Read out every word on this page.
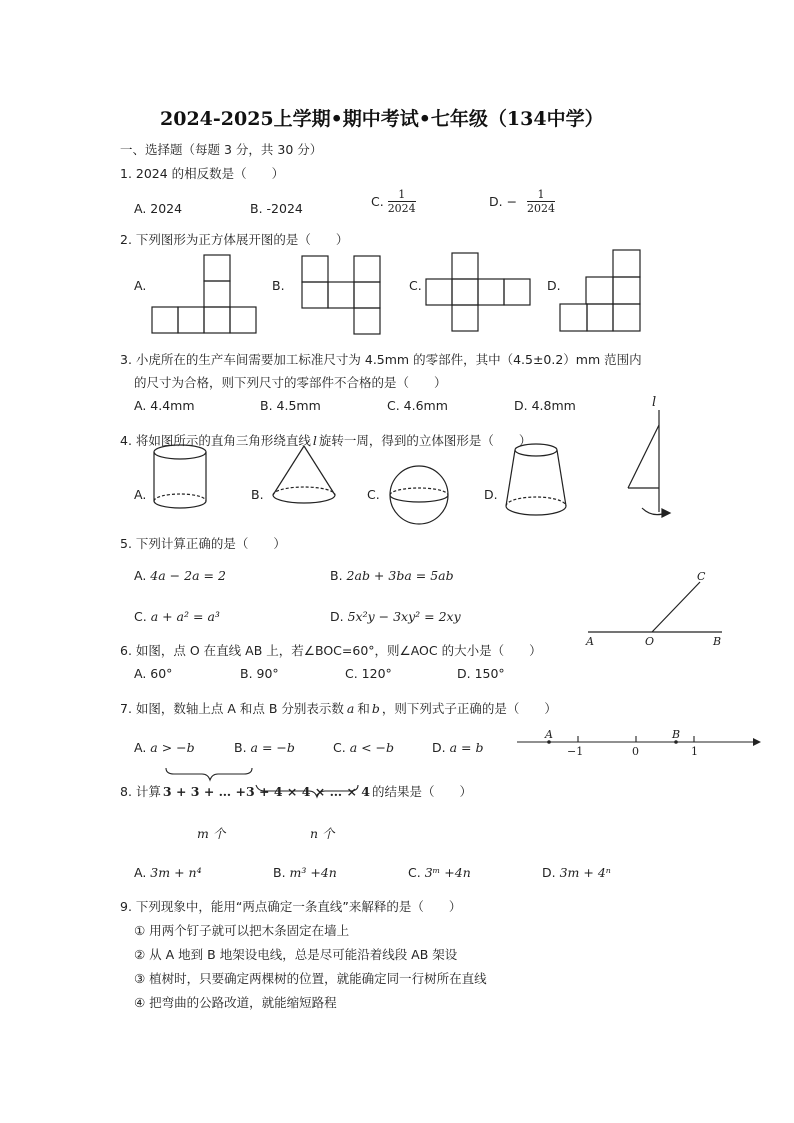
2024-2025上学期•期中考试•七年级（134中学）
一、选择题（每题 3 分，共 30 分）
1. 2024 的相反数是（　　）
A. 2024	B. -2024	C. $\frac{1}{2024}$	D. − $\frac{1}{2024}$
2. 下列图形为正方体展开图的是（　　）
A.	B.	C.	D.
3. 小虎所在的生产车间需要加工标准尺寸为 4.5mm 的零部件，其中（4.5±0.2）mm 范围内
的尺寸为合格，则下列尺寸的零部件不合格的是（　　）
A. 4.4mm	B. 4.5mm	C. 4.6mm	D. 4.8mm
4. 将如图所示的直角三角形绕直线 l 旋转一周，得到的立体图形是（　　）
A.	B.	C.	D.
l
5. 下列计算正确的是（　　）
A. 4a − 2a = 2	B. 2ab + 3ba = 5ab
C. a + a² = a³	D. 5x²y − 3xy² = 2xy
A	O	B
C
6. 如图，点 O 在直线 AB 上，若∠BOC=60°，则∠AOC 的大小是（　　）
A. 60°	B. 90°	C. 120°	D. 150°
7. 如图，数轴上点 A 和点 B 分别表示数 a 和 b ，则下列式子正确的是（　　）
A. a > −b	B. a = −b	C. a < −b	D. a = b
A	B
−1	0	1
8. 计算 3 + 3 + … +3 + 4 × 4 × … × 4 的结果是（　　）
m 个	n 个
A. 3m + n⁴	B. m³ +4n	C. 3ᵐ +4n	D. 3m + 4ⁿ
9. 下列现象中，能用“两点确定一条直线”来解释的是（　　）
① 用两个钉子就可以把木条固定在墙上
② 从 A 地到 B 地架设电线，总是尽可能沿着线段 AB 架设
③ 植树时，只要确定两棵树的位置，就能确定同一行树所在直线
④ 把弯曲的公路改道，就能缩短路程
